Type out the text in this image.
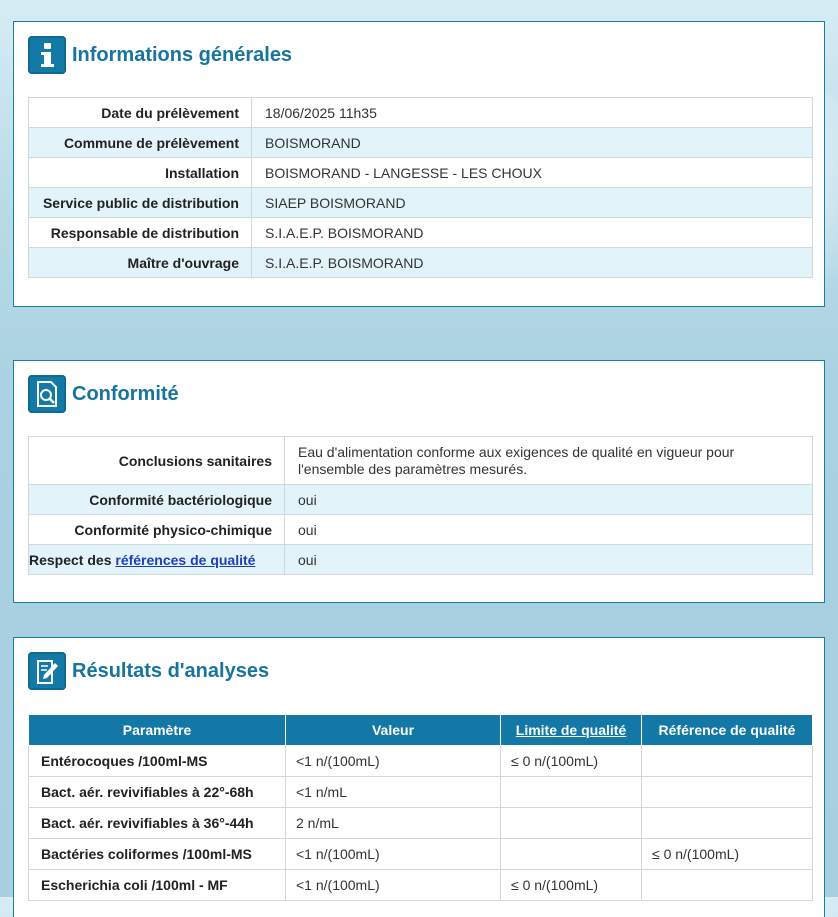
Informations générales
Date du prélèvement	18/06/2025 11h35
Commune de prélèvement	BOISMORAND
Installation	BOISMORAND - LANGESSE - LES CHOUX
Service public de distribution	SIAEP BOISMORAND
Responsable de distribution	S.I.A.E.P. BOISMORAND
Maître d'ouvrage	S.I.A.E.P. BOISMORAND
Conformité
Conclusions sanitaires	Eau d'alimentation conforme aux exigences de qualité en vigueur pour l'ensemble des paramètres mesurés.
Conformité bactériologique	oui
Conformité physico-chimique	oui
Respect des références de qualité	oui
Résultats d'analyses
Paramètre	Valeur	Limite de qualité	Référence de qualité
Entérocoques /100ml-MS	<1 n/(100mL)	≤ 0 n/(100mL)	
Bact. aér. revivifiables à 22°-68h	<1 n/mL		
Bact. aér. revivifiables à 36°-44h	2 n/mL		
Bactéries coliformes /100ml-MS	<1 n/(100mL)		≤ 0 n/(100mL)
Escherichia coli /100ml - MF	<1 n/(100mL)	≤ 0 n/(100mL)	
